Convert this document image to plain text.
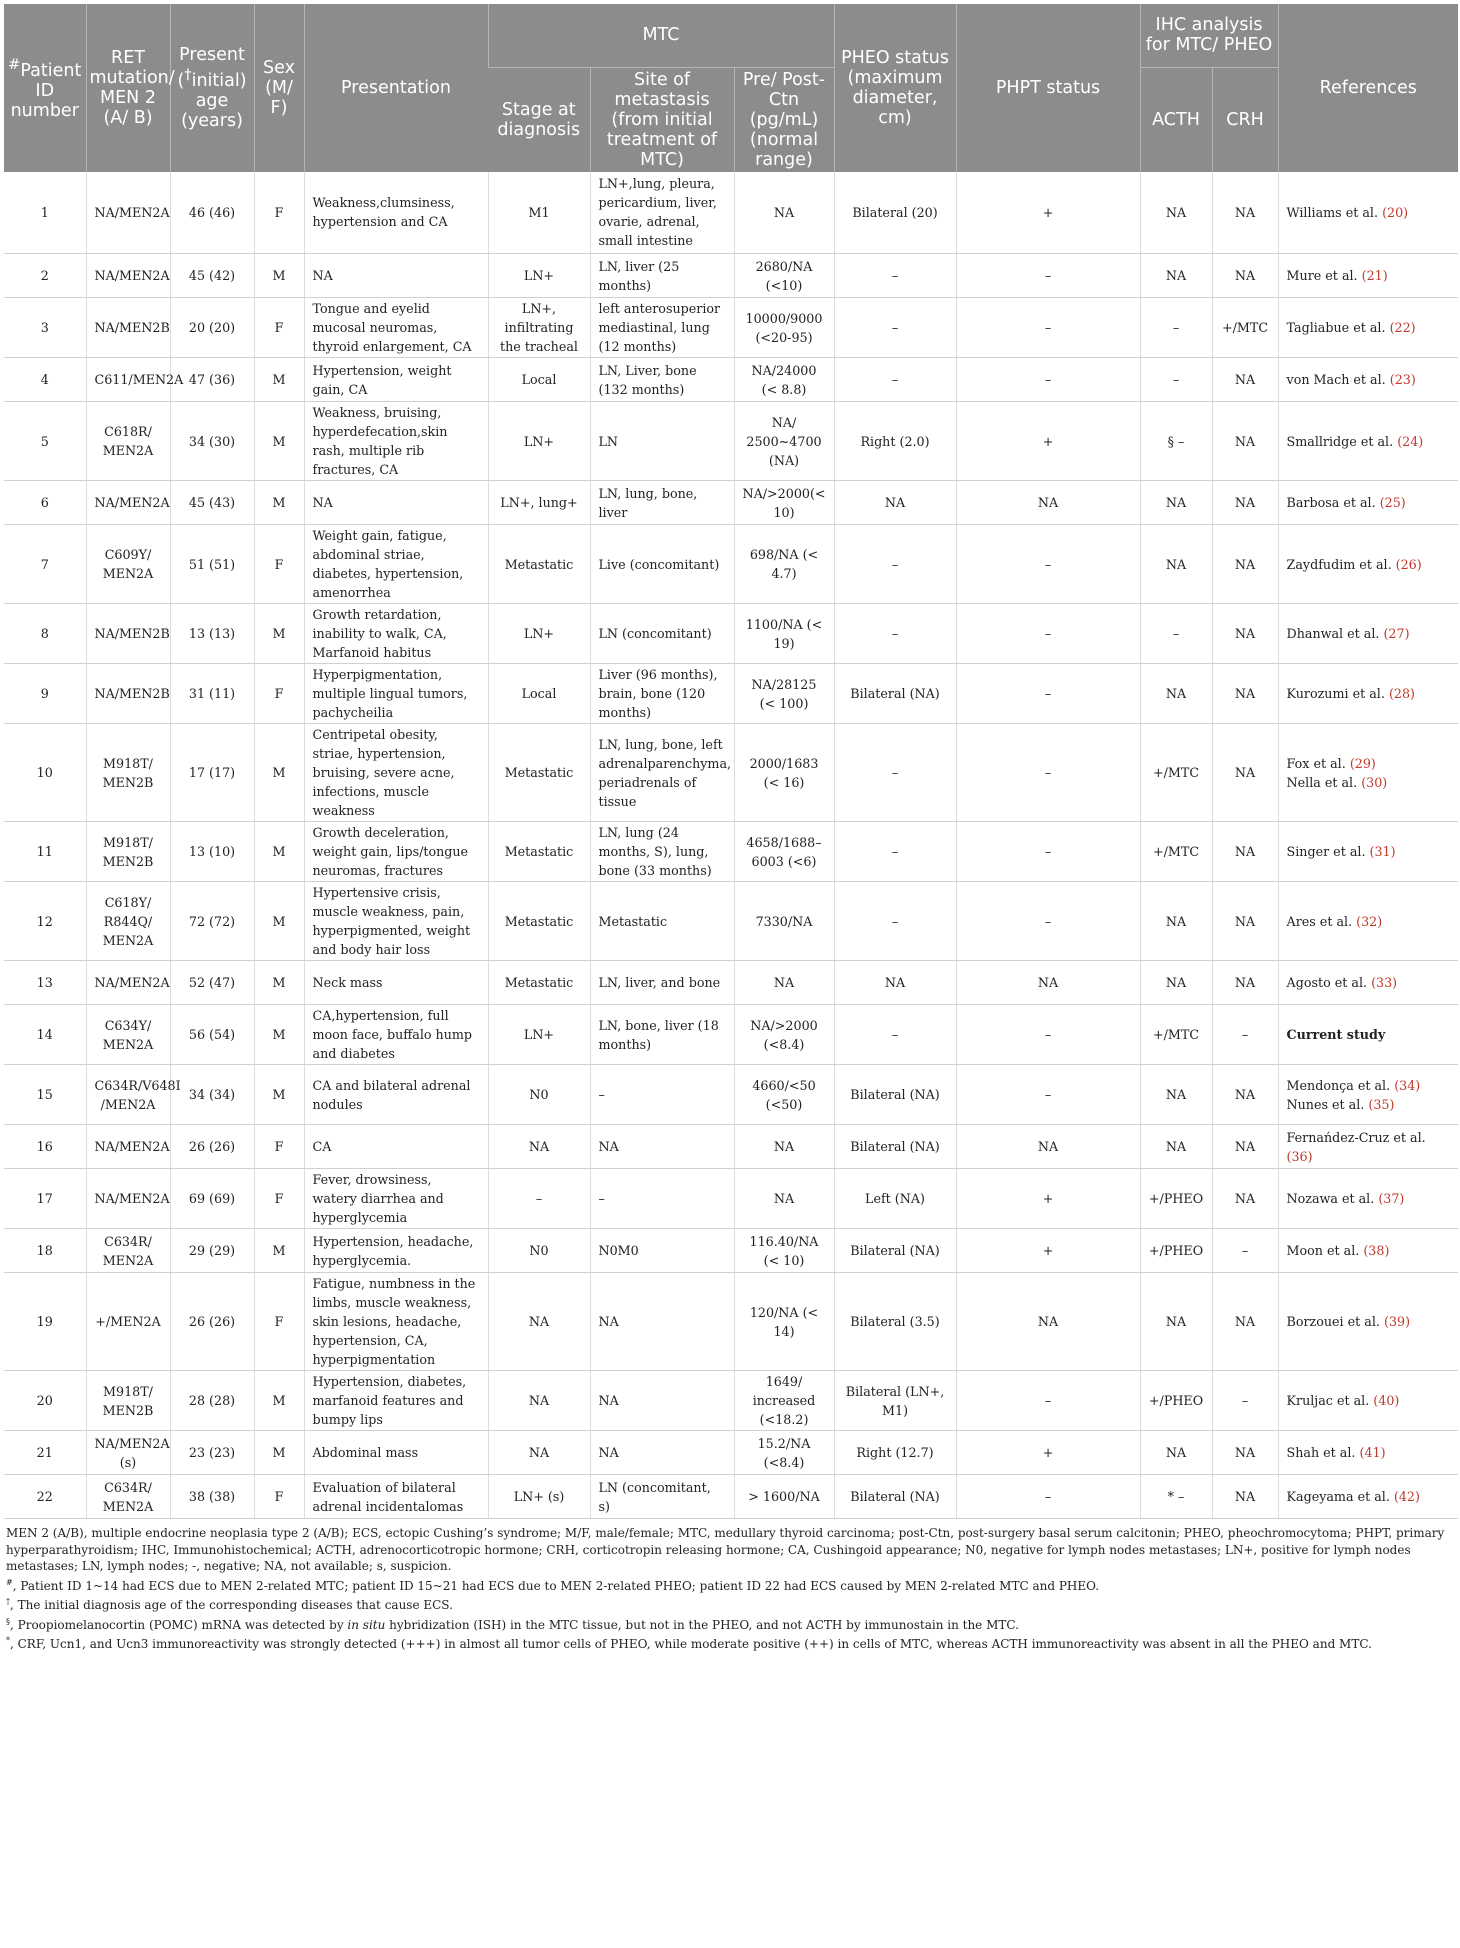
#Patient ID number	RET mutation/ MEN 2 (A/ B)	Present (†initial) age (years)	Sex (M/ F)	Presentation	MTC			PHEO status (maximum diameter, cm)	PHPT status	IHC analysis for MTC/ PHEO		References
					Stage at diagnosis	Site of metastasis (from initial treatment of MTC)	Pre/ Post-Ctn (pg/mL) (normal range)			ACTH	CRH	
1	NA/MEN2A	46 (46)	F	Weakness,clumsiness, hypertension and CA	M1	LN+,lung, pleura, pericardium, liver, ovarie, adrenal, small intestine	NA	Bilateral (20)	+	NA	NA	Williams et al. (20)
2	NA/MEN2A	45 (42)	M	NA	LN+	LN, liver (25 months)	2680/NA (<10)	–	–	NA	NA	Mure et al. (21)
3	NA/MEN2B	20 (20)	F	Tongue and eyelid mucosal neuromas, thyroid enlargement, CA	LN+, infiltrating the tracheal	left anterosuperior mediastinal, lung (12 months)	10000/9000 (<20-95)	–	–	–	+/MTC	Tagliabue et al. (22)
4	C611/MEN2A	47 (36)	M	Hypertension, weight gain, CA	Local	LN, Liver, bone (132 months)	NA/24000 (< 8.8)	–	–	–	NA	von Mach et al. (23)
5	C618R/ MEN2A	34 (30)	M	Weakness, bruising, hyperdefecation,skin rash, multiple rib fractures, CA	LN+	LN	NA/ 2500~4700 (NA)	Right (2.0)	+	§ –	NA	Smallridge et al. (24)
6	NA/MEN2A	45 (43)	M	NA	LN+, lung+	LN, lung, bone, liver	NA/>2000(< 10)	NA	NA	NA	NA	Barbosa et al. (25)
7	C609Y/ MEN2A	51 (51)	F	Weight gain, fatigue, abdominal striae, diabetes, hypertension, amenorrhea	Metastatic	Live (concomitant)	698/NA (< 4.7)	–	–	NA	NA	Zaydfudim et al. (26)
8	NA/MEN2B	13 (13)	M	Growth retardation, inability to walk, CA, Marfanoid habitus	LN+	LN (concomitant)	1100/NA (< 19)	–	–	–	NA	Dhanwal et al. (27)
9	NA/MEN2B	31 (11)	F	Hyperpigmentation, multiple lingual tumors, pachycheilia	Local	Liver (96 months), brain, bone (120 months)	NA/28125 (< 100)	Bilateral (NA)	–	NA	NA	Kurozumi et al. (28)
10	M918T/ MEN2B	17 (17)	M	Centripetal obesity, striae, hypertension, bruising, severe acne, infections, muscle weakness	Metastatic	LN, lung, bone, left adrenalparenchyma, periadrenals of tissue	2000/1683 (< 16)	–	–	+/MTC	NA	Fox et al. (29)
Nella et al. (30)
11	M918T/ MEN2B	13 (10)	M	Growth deceleration, weight gain, lips/tongue neuromas, fractures	Metastatic	LN, lung (24 months, S), lung, bone (33 months)	4658/1688–6003 (<6)	–	–	+/MTC	NA	Singer et al. (31)
12	C618Y/ R844Q/ MEN2A	72 (72)	M	Hypertensive crisis, muscle weakness, pain, hyperpigmented, weight and body hair loss	Metastatic	Metastatic	7330/NA	–	–	NA	NA	Ares et al. (32)
13	NA/MEN2A	52 (47)	M	Neck mass	Metastatic	LN, liver, and bone	NA	NA	NA	NA	NA	Agosto et al. (33)
14	C634Y/ MEN2A	56 (54)	M	CA,hypertension, full moon face, buffalo hump and diabetes	LN+	LN, bone, liver (18 months)	NA/>2000 (<8.4)	–	–	+/MTC	–	Current study
15	C634R/V648I /MEN2A	34 (34)	M	CA and bilateral adrenal nodules	N0	–	4660/<50 (<50)	Bilateral (NA)	–	NA	NA	Mendonça et al. (34)
Nunes et al. (35)
16	NA/MEN2A	26 (26)	F	CA	NA	NA	NA	Bilateral (NA)	NA	NA	NA	Fernańdez-Cruz et al. (36)
17	NA/MEN2A	69 (69)	F	Fever, drowsiness, watery diarrhea and hyperglycemia	–	–	NA	Left (NA)	+	+/PHEO	NA	Nozawa et al. (37)
18	C634R/ MEN2A	29 (29)	M	Hypertension, headache, hyperglycemia.	N0	N0M0	116.40/NA (< 10)	Bilateral (NA)	+	+/PHEO	–	Moon et al. (38)
19	+/MEN2A	26 (26)	F	Fatigue, numbness in the limbs, muscle weakness, skin lesions, headache, hypertension, CA, hyperpigmentation	NA	NA	120/NA (< 14)	Bilateral (3.5)	NA	NA	NA	Borzouei et al. (39)
20	M918T/ MEN2B	28 (28)	M	Hypertension, diabetes, marfanoid features and bumpy lips	NA	NA	1649/ increased (<18.2)	Bilateral (LN+, M1)	–	+/PHEO	–	Kruljac et al. (40)
21	NA/MEN2A (s)	23 (23)	M	Abdominal mass	NA	NA	15.2/NA (<8.4)	Right (12.7)	+	NA	NA	Shah et al. (41)
22	C634R/ MEN2A	38 (38)	F	Evaluation of bilateral adrenal incidentalomas	LN+ (s)	LN (concomitant, s)	> 1600/NA	Bilateral (NA)	–	* –	NA	Kageyama et al. (42)

MEN 2 (A/B), multiple endocrine neoplasia type 2 (A/B); ECS, ectopic Cushing’s syndrome; M/F, male/female; MTC, medullary thyroid carcinoma; post-Ctn, post-surgery basal serum calcitonin; PHEO, pheochromocytoma; PHPT, primary hyperparathyroidism; IHC, Immunohistochemical; ACTH, adrenocorticotropic hormone; CRH, corticotropin releasing hormone; CA, Cushingoid appearance; N0, negative for lymph nodes metastases; LN+, positive for lymph nodes metastases; LN, lymph nodes; -, negative; NA, not available; s, suspicion.

#, Patient ID 1~14 had ECS due to MEN 2-related MTC; patient ID 15~21 had ECS due to MEN 2-related PHEO; patient ID 22 had ECS caused by MEN 2-related MTC and PHEO.

†, The initial diagnosis age of the corresponding diseases that cause ECS.

§, Proopiomelanocortin (POMC) mRNA was detected by in situ hybridization (ISH) in the MTC tissue, but not in the PHEO, and not ACTH by immunostain in the MTC.

*, CRF, Ucn1, and Ucn3 immunoreactivity was strongly detected (+++) in almost all tumor cells of PHEO, while moderate positive (++) in cells of MTC, whereas ACTH immunoreactivity was absent in all the PHEO and MTC.
